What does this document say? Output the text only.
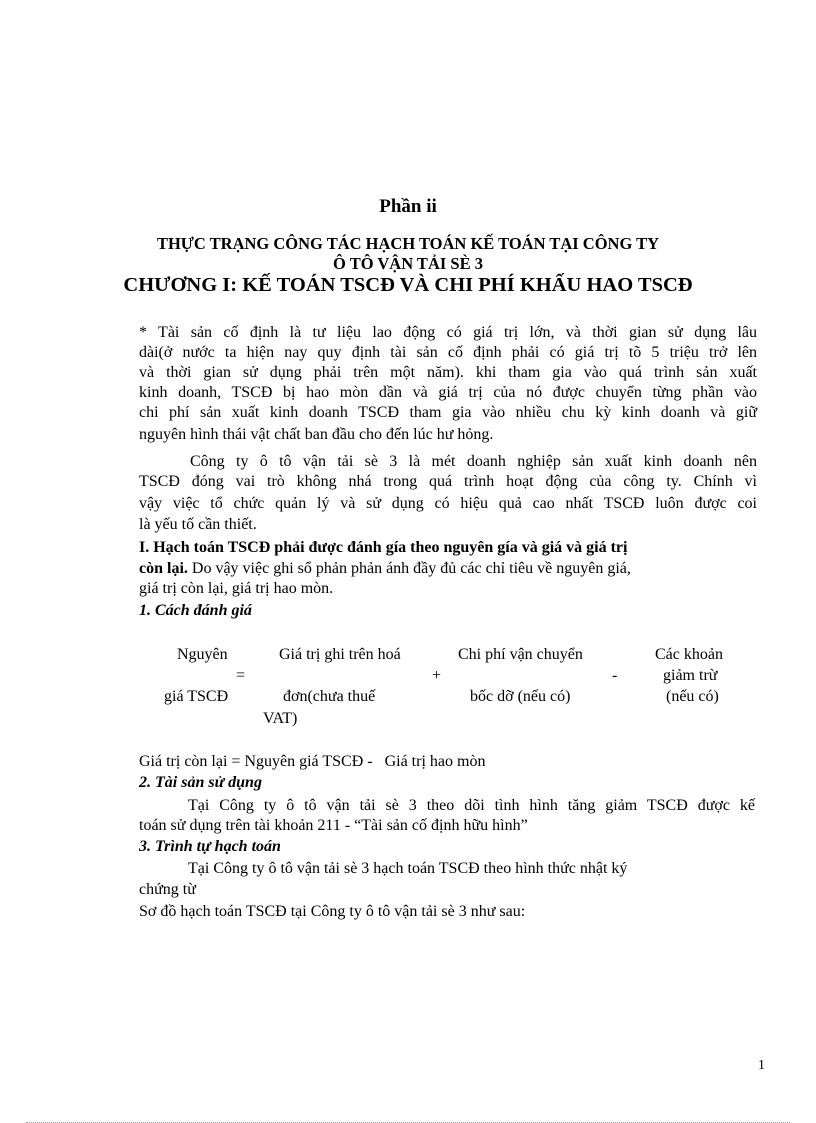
Phần ii
THỰC TRẠNG CÔNG TÁC HẠCH TOÁN KẾ TOÁN TẠI CÔNG TY
Ô TÔ VẬN TẢI SÈ 3
CHƯƠNG I: KẾ TOÁN TSCĐ VÀ CHI PHÍ KHẤU HAO TSCĐ
* Tài sản cố định là tư liệu lao động có giá trị lớn, và thời gian sử dụng lâu
dài(ở nước ta hiện nay quy định tài sản cố định phải có giá trị tõ 5 triệu trở lên
và thời gian sử dụng phải trên một năm). khi tham gia vào quá trình sản xuất
kinh doanh, TSCĐ bị hao mòn dần và giá trị của nó được chuyển từng phần vào
chi phí sản xuất kinh doanh TSCĐ tham gia vào nhiều chu kỳ kinh doanh và giữ
nguyên hình thái vật chất ban đầu cho đến lúc hư hỏng.
Công ty ô tô vận tải sè 3 là mét doanh nghiệp sản xuất kinh doanh nên
TSCĐ đóng vai trò không nhá trong quá trình hoạt động của công ty. Chính vì
vậy việc tổ chức quản lý và sử dụng có hiệu quả cao nhất TSCĐ luôn được coi
là yếu tố cần thiết.
I. Hạch toán TSCĐ phải được đánh gía theo nguyên gía và giá và giá trị
còn lại. Do vậy việc ghi sổ phản phản ánh đầy đủ các chỉ tiêu về nguyên giá,
giá trị còn lại, giá trị hao mòn.
1. Cách đánh giá
Nguyên
=
giá TSCĐ
Giá trị ghi trên hoá
đơn(chưa thuế
VAT)
+
Chi phí vận chuyển
bốc dỡ (nếu có)
-
Các khoản
giảm trừ
(nếu có)
Giá trị còn lại = Nguyên giá TSCĐ -   Giá trị hao mòn
2. Tài sản sử dụng
Tại Công ty ô tô vận tải sè 3 theo dõi tình hình tăng giảm TSCĐ được kế
toán sử dụng trên tài khoản 211 - “Tài sản cố định hữu hình”
3. Trình tự hạch toán
Tại Công ty ô tô vận tải sè 3 hạch toán TSCĐ theo hình thức nhật ký
chứng từ
Sơ đồ hạch toán TSCĐ tại Công ty ô tô vận tải sè 3 như sau:
1
